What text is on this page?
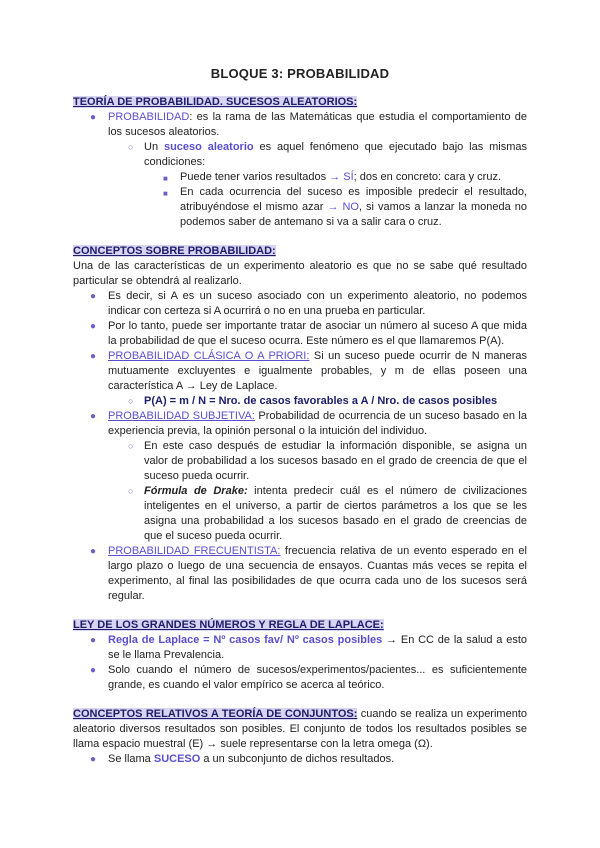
BLOQUE 3: PROBABILIDAD
TEORÍA DE PROBABILIDAD. SUCESOS ALEATORIOS:
● PROBABILIDAD: es la rama de las Matemáticas que estudia el comportamiento de los sucesos aleatorios.
○ Un suceso aleatorio es aquel fenómeno que ejecutado bajo las mismas condiciones:
■ Puede tener varios resultados → SÍ; dos en concreto: cara y cruz.
■ En cada ocurrencia del suceso es imposible predecir el resultado, atribuyéndose el mismo azar → NO, si vamos a lanzar la moneda no podemos saber de antemano si va a salir cara o cruz.
CONCEPTOS SOBRE PROBABILIDAD:

Una de las características de un experimento aleatorio es que no se sabe qué resultado particular se obtendrá al realizarlo.

● Es decir, si A es un suceso asociado con un experimento aleatorio, no podemos indicar con certeza si A ocurrirá o no en una prueba en particular.
● Por lo tanto, puede ser importante tratar de asociar un número al suceso A que mida la probabilidad de que el suceso ocurra. Este número es el que llamaremos P(A).
● PROBABILIDAD CLÁSICA O A PRIORI: Si un suceso puede ocurrir de N maneras mutuamente excluyentes e igualmente probables, y m de ellas poseen una característica A → Ley de Laplace.
○ P(A) = m / N = Nro. de casos favorables a A / Nro. de casos posibles
● PROBABILIDAD SUBJETIVA: Probabilidad de ocurrencia de un suceso basado en la experiencia previa, la opinión personal o la intuición del individuo.
○ En este caso después de estudiar la información disponible, se asigna un valor de probabilidad a los sucesos basado en el grado de creencia de que el suceso pueda ocurrir.
○ Fórmula de Drake: intenta predecir cuál es el número de civilizaciones inteligentes en el universo, a partir de ciertos parámetros a los que se les asigna una probabilidad a los sucesos basado en el grado de creencias de que el suceso pueda ocurrir.
● PROBABILIDAD FRECUENTISTA: frecuencia relativa de un evento esperado en el largo plazo o luego de una secuencia de ensayos. Cuantas más veces se repita el experimento, al final las posibilidades de que ocurra cada uno de los sucesos será regular.
LEY DE LOS GRANDES NÚMEROS Y REGLA DE LAPLACE:
● Regla de Laplace = Nº casos fav/ Nº casos posibles → En CC de la salud a esto se le llama Prevalencia.
● Solo cuando el número de sucesos/experimentos/pacientes... es suficientemente grande, es cuando el valor empírico se acerca al teórico.

CONCEPTOS RELATIVOS A TEORÍA DE CONJUNTOS: cuando se realiza un experimento aleatorio diversos resultados son posibles. El conjunto de todos los resultados posibles se llama espacio muestral (E) → suele representarse con la letra omega (Ω).

● Se llama SUCESO a un subconjunto de dichos resultados.
